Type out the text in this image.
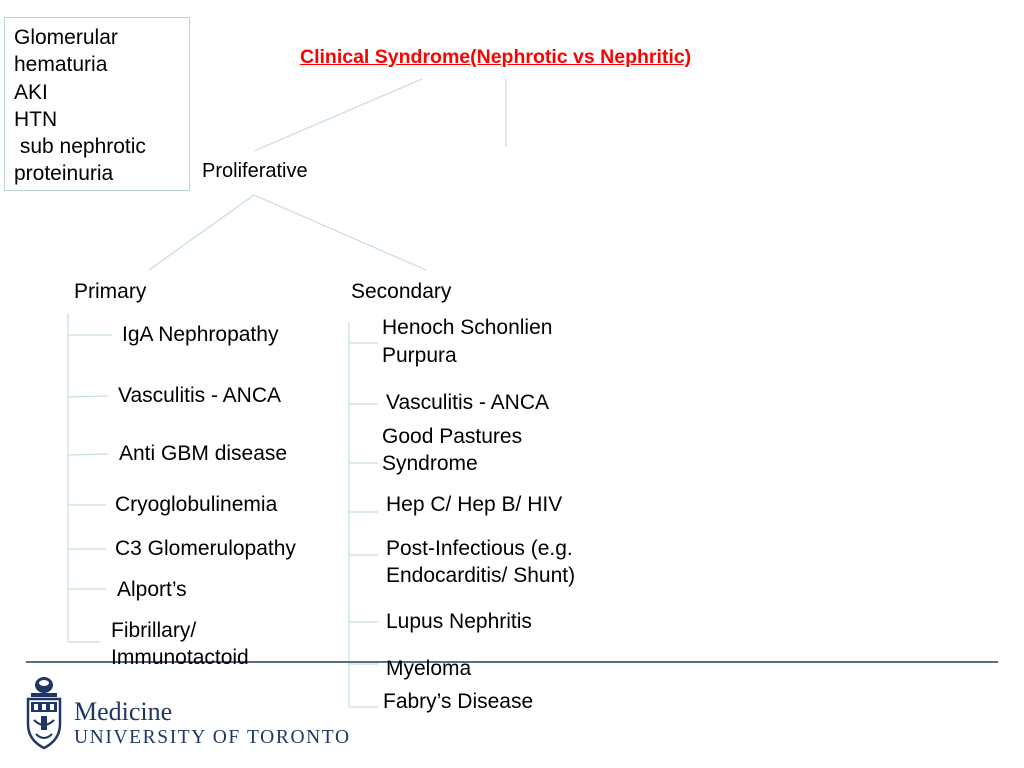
Glomerular
hematuria
AKI
HTN
sub nephrotic
proteinuria
Clinical Syndrome(Nephrotic vs Nephritic)
Proliferative
Primary	Secondary
IgA Nephropathy
Vasculitis - ANCA
Anti GBM disease
Cryoglobulinemia
C3 Glomerulopathy
Alport’s
Fibrillary/
Immunotactoid
Henoch Schonlien
Purpura
Vasculitis - ANCA
Good Pastures
Syndrome
Hep C/ Hep B/ HIV
Post-Infectious (e.g.
Endocarditis/ Shunt)
Lupus Nephritis
Myeloma
Fabry’s Disease
Medicine
UNIVERSITY OF TORONTO
